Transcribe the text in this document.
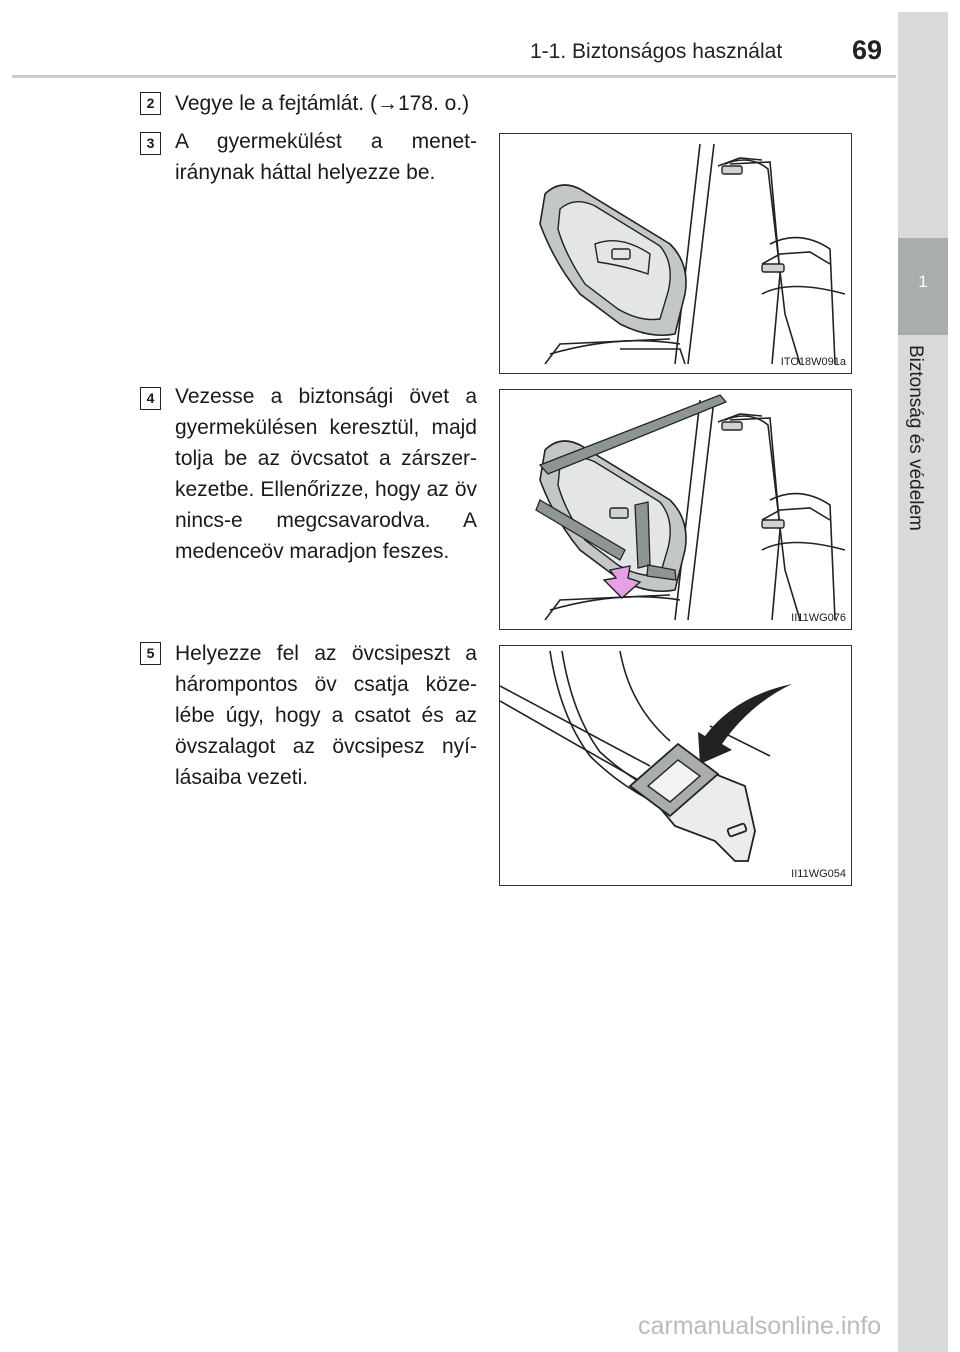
1-1. Biztonságos használat	69
1
Biztonság és védelem
2 Vegye le a fejtámlát. (→178. o.)
3 A gyermekülést a menet-iránynak háttal helyezze be.
ITO18W091a
4 Vezesse a biztonsági övet a gyermekülésen keresztül, majd tolja be az övcsatot a zárszer-kezetbe. Ellenőrizze, hogy az öv nincs-e megcsavarodva. A medenceöv maradjon feszes.
II11WG076
5 Helyezze fel az övcsipeszt a hárompontos öv csatja köze-lébe úgy, hogy a csatot és az övszalagot az övcsipesz nyí-lásaiba vezeti.
II11WG054
carmanualsonline.info
